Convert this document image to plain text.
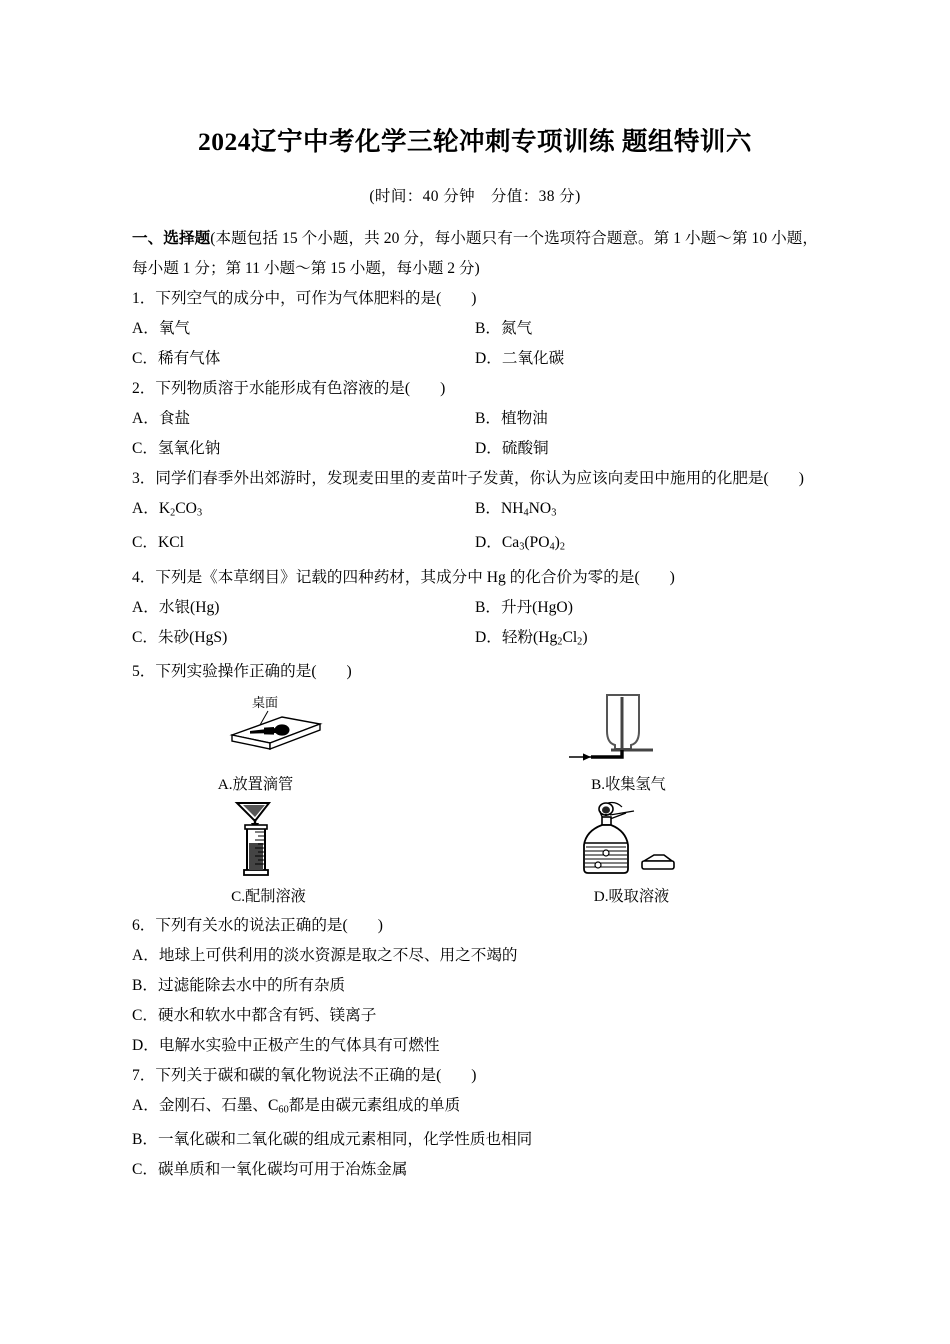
2024辽宁中考化学三轮冲刺专项训练 题组特训六

(时间：40 分钟　分值：38 分)

一、选择题(本题包括 15 个小题，共 20 分，每小题只有一个选项符合题意。第 1 小题～第 10 小题，每小题 1 分；第 11 小题～第 15 小题，每小题 2 分)

1．下列空气的成分中，可作为气体肥料的是( )

A．氧气	B．氮气
C．稀有气体	D．二氧化碳

2．下列物质溶于水能形成有色溶液的是( )

A．食盐	B．植物油
C．氢氧化钠	D．硫酸铜

3．同学们春季外出郊游时，发现麦田里的麦苗叶子发黄，你认为应该向麦田中施用的化肥是( )

A．$K_2CO_3$	B．$NH_4NO_3$
C．KCl	D．$Ca_3(PO_4)_2$

4．下列是《本草纲目》记载的四种药材，其成分中 Hg 的化合价为零的是( )

A．水银(Hg)	B．升丹(HgO)
C．朱砂(HgS)	D．轻粉$(Hg_2Cl_2)$

5．下列实验操作正确的是( )

桌面
A.放置滴管	B.收集氢气
C.配制溶液	D.吸取溶液

6．下列有关水的说法正确的是( )

A．地球上可供利用的淡水资源是取之不尽、用之不竭的
B．过滤能除去水中的所有杂质
C．硬水和软水中都含有钙、镁离子
D．电解水实验中正极产生的气体具有可燃性

7．下列关于碳和碳的氧化物说法不正确的是( )

A．金刚石、石墨、$C_{60}$都是由碳元素组成的单质
B．一氧化碳和二氧化碳的组成元素相同，化学性质也相同
C．碳单质和一氧化碳均可用于冶炼金属
